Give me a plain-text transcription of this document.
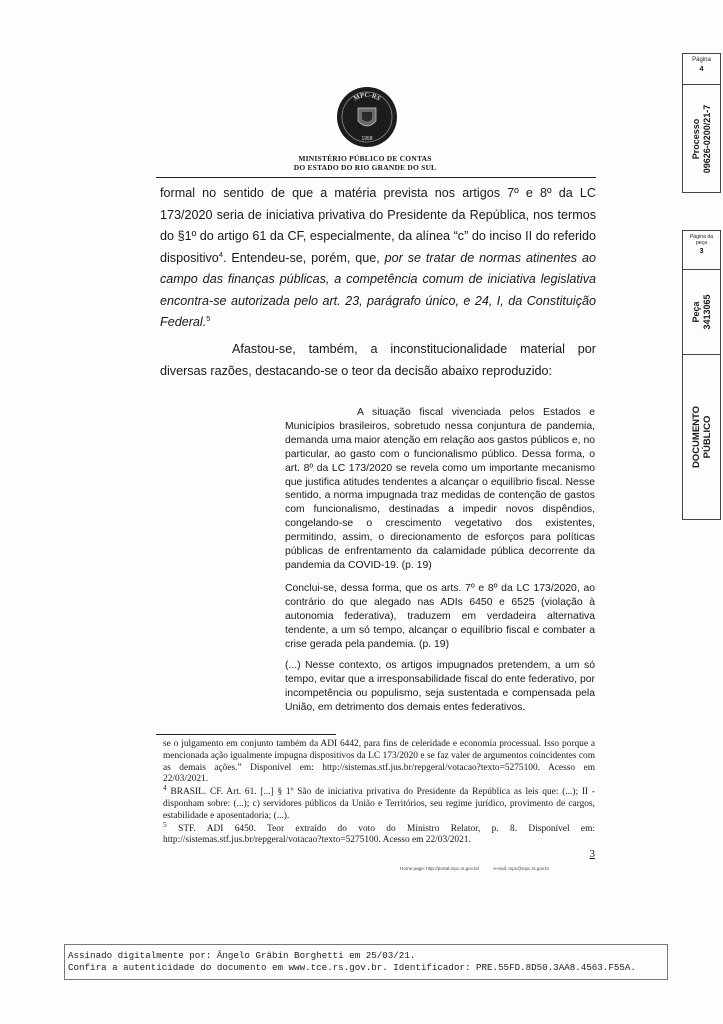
MPC-RS
1958
MINISTÉRIO PÚBLICO DE CONTAS
DO ESTADO DO RIO GRANDE DO SUL
formal no sentido de que a matéria prevista nos artigos 7º e 8º da LC 173/2020 seria de iniciativa privativa do Presidente da República, nos termos do §1º do artigo 61 da CF, especialmente, da alínea “c” do inciso II do referido dispositivo$^4$. Entendeu-se, porém, que, por se tratar de normas atinentes ao campo das finanças públicas, a competência comum de iniciativa legislativa encontra-se autorizada pelo art. 23, parágrafo único, e 24, I, da Constituição Federal.$^5$
Afastou-se, também, a inconstitucionalidade material por diversas razões, destacando-se o teor da decisão abaixo reproduzido:
A situação fiscal vivenciada pelos Estados e Municípios brasileiros, sobretudo nessa conjuntura de pandemia, demanda uma maior atenção em relação aos gastos públicos e, no particular, ao gasto com o funcionalismo público. Dessa forma, o art. 8º da LC 173/2020 se revela como um importante mecanismo que justifica atitudes tendentes a alcançar o equilíbrio fiscal. Nesse sentido, a norma impugnada traz medidas de contenção de gastos com funcionalismo, destinadas a impedir novos dispêndios, congelando-se o crescimento vegetativo dos existentes, permitindo, assim, o direcionamento de esforços para políticas públicas de enfrentamento da calamidade pública decorrente da pandemia da COVID-19. (p. 19)
Conclui-se, dessa forma, que os arts. 7º e 8º da LC 173/2020, ao contrário do que alegado nas ADIs 6450 e 6525 (violação à autonomia federativa), traduzem em verdadeira alternativa tendente, a um só tempo, alcançar o equilíbrio fiscal e combater a crise gerada pela pandemia. (p. 19)
(...) Nesse contexto, os artigos impugnados pretendem, a um só tempo, evitar que a irresponsabilidade fiscal do ente federativo, por incompetência ou populismo, seja sustentada e compensada pela União, em detrimento dos demais entes federativos.

se o julgamento em conjunto também da ADI 6442, para fins de celeridade e economia processual. Isso porque a mencionada ação igualmente impugna dispositivos da LC 173/2020 e se faz valer de argumentos coincidentes com as demais ações.” Disponível em: http://sistemas.stf.jus.br/repgeral/votacao?texto=5275100. Acesso em 22/03/2021.

$^4$ BRASIL. CF. Art. 61. [...] § 1º São de iniciativa privativa do Presidente da República as leis que: (...); II - disponham sobre: (...); c) servidores públicos da União e Territórios, seu regime jurídico, provimento de cargos, estabilidade e aposentadoria; (...).

$^5$ STF. ADI 6450. Teor extraído do voto do Ministro Relator, p. 8. Disponível em: http://sistemas.stf.jus.br/repgeral/votacao?texto=5275100. Acesso em 22/03/2021.

3
Home page: http://portal.mpc.rs.gov.br/	e-mail: mpc@mpc.rs.gov.br
Página
4
Processo 09626-0200/21-7
Página da
peça
3
Peça 3413065
DOCUMENTO PÚBLICO
Assinado digitalmente por: Ângelo Gräbin Borghetti em 25/03/21.
Confira a autenticidade do documento em www.tce.rs.gov.br. Identificador: PRE.55FD.8D50.3AA8.4563.F55A.
